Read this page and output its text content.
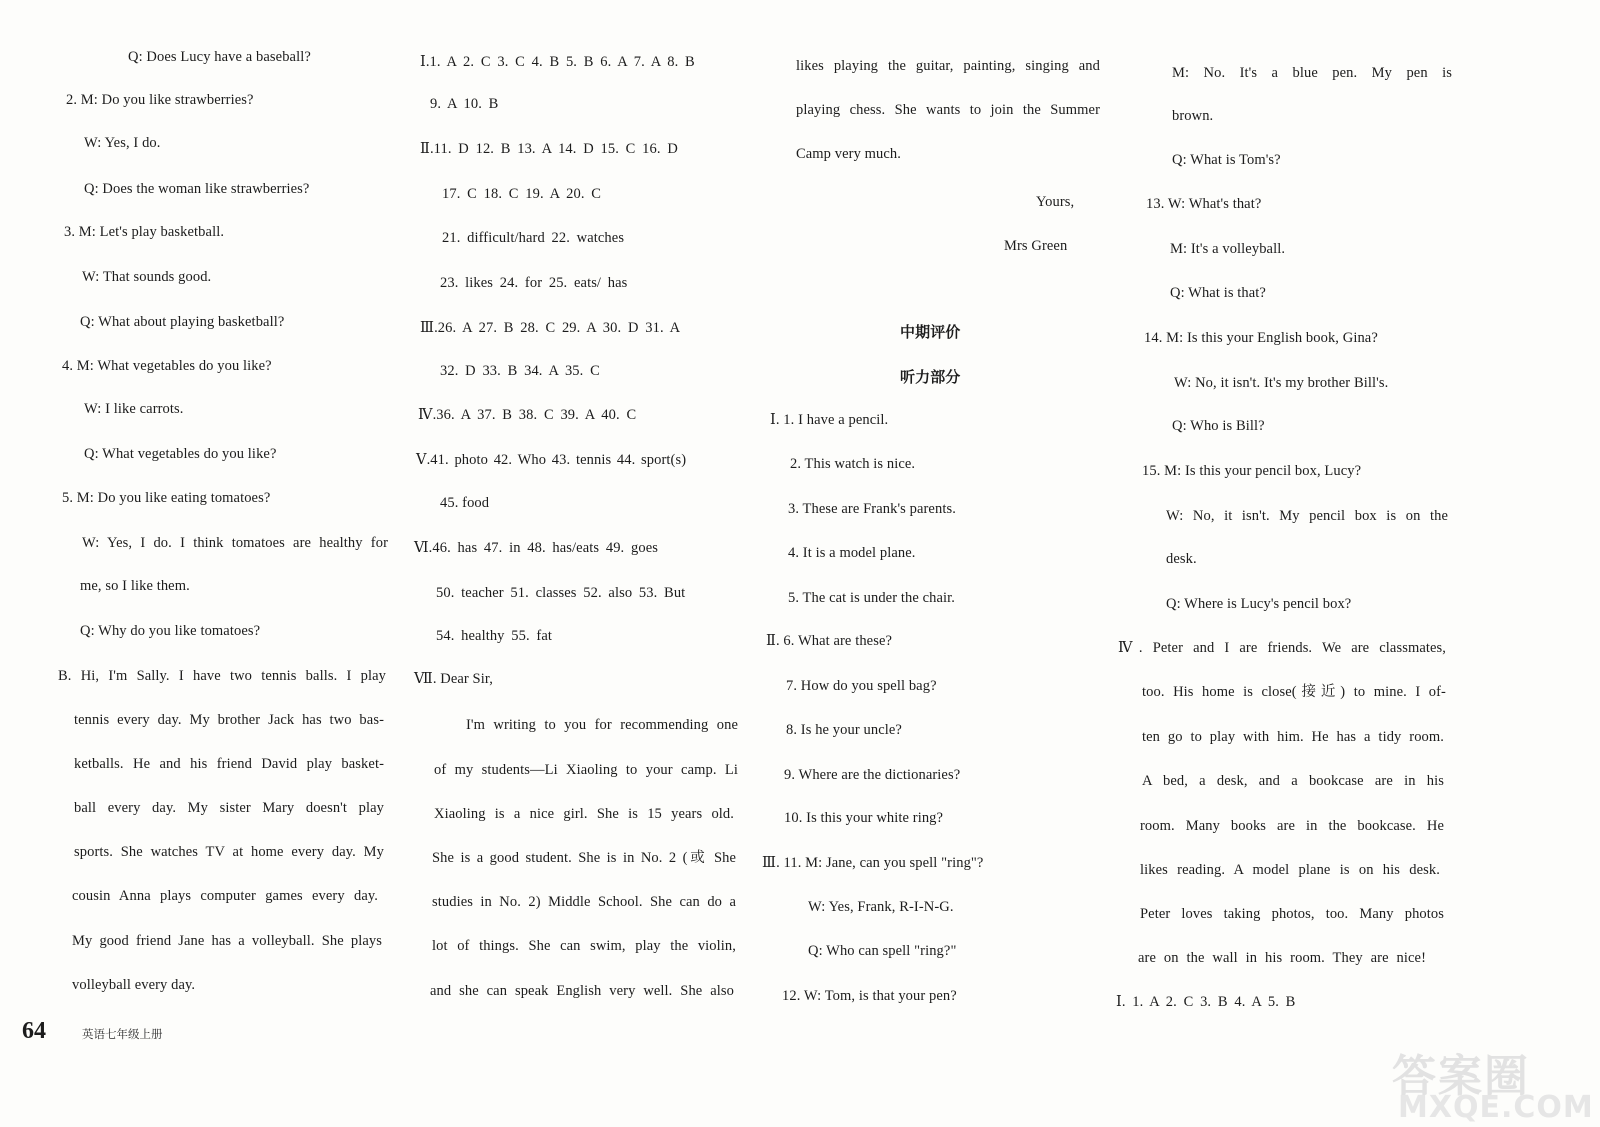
Q: Does Lucy have a baseball?
2. M: Do you like strawberries?
W: Yes, I do.
Q: Does the woman like strawberries?
3. M: Let's play basketball.
W: That sounds good.
Q: What about playing basketball?
4. M: What vegetables do you like?
W: I like carrots.
Q: What vegetables do you like?
5. M: Do you like eating tomatoes?
W: Yes, I do. I think tomatoes are healthy for
me, so I like them.
Q: Why do you like tomatoes?
B. Hi, I'm Sally. I have two tennis balls. I play
tennis every day. My brother Jack has two bas-
ketballs. He and his friend David play basket-
ball every day. My sister Mary doesn't play
sports. She watches TV at home every day. My
cousin Anna plays computer games every day.
My good friend Jane has a volleyball. She plays
volleyball every day.
Ⅰ.1. A 2. C 3. C 4. B 5. B 6. A 7. A 8. B
9. A 10. B
Ⅱ.11. D 12. B 13. A 14. D 15. C 16. D
17. C 18. C 19. A 20. C
21. difficult/hard 22. watches
23. likes 24. for 25. eats/ has
Ⅲ.26. A 27. B 28. C 29. A 30. D 31. A
32. D 33. B 34. A 35. C
Ⅳ.36. A 37. B 38. C 39. A 40. C
Ⅴ.41. photo 42. Who 43. tennis 44. sport(s)
45. food
Ⅵ.46. has 47. in 48. has/eats 49. goes
50. teacher 51. classes 52. also 53. But
54. healthy 55. fat
Ⅶ. Dear Sir,
I'm writing to you for recommending one
of my students—Li Xiaoling to your camp. Li
Xiaoling is a nice girl. She is 15 years old.
She is a good student. She is in No. 2 (或 She
studies in No. 2) Middle School. She can do a
lot of things. She can swim, play the violin,
and she can speak English very well. She also
likes playing the guitar, painting, singing and
playing chess. She wants to join the Summer
Camp very much.
Yours,
Mrs Green
中期评价
听力部分
Ⅰ. 1. I have a pencil.
2. This watch is nice.
3. These are Frank's parents.
4. It is a model plane.
5. The cat is under the chair.
Ⅱ. 6. What are these?
7. How do you spell bag?
8. Is he your uncle?
9. Where are the dictionaries?
10. Is this your white ring?
Ⅲ. 11. M: Jane, can you spell "ring"?
W: Yes, Frank, R-I-N-G.
Q: Who can spell "ring?"
12. W: Tom, is that your pen?
M: No. It's a blue pen. My pen is
brown.
Q: What is Tom's?
13. W: What's that?
M: It's a volleyball.
Q: What is that?
14. M: Is this your English book, Gina?
W: No, it isn't. It's my brother Bill's.
Q: Who is Bill?
15. M: Is this your pencil box, Lucy?
W: No, it isn't. My pencil box is on the
desk.
Q: Where is Lucy's pencil box?
Ⅳ. Peter and I are friends. We are classmates,
too. His home is close(接近) to mine. I of-
ten go to play with him. He has a tidy room.
A bed, a desk, and a bookcase are in his
room. Many books are in the bookcase. He
likes reading. A model plane is on his desk.
Peter loves taking photos, too. Many photos
are on the wall in his room. They are nice!
Ⅰ. 1. A 2. C 3. B 4. A 5. B
64	英语七年级上册
答案圈
MXQE.COM
